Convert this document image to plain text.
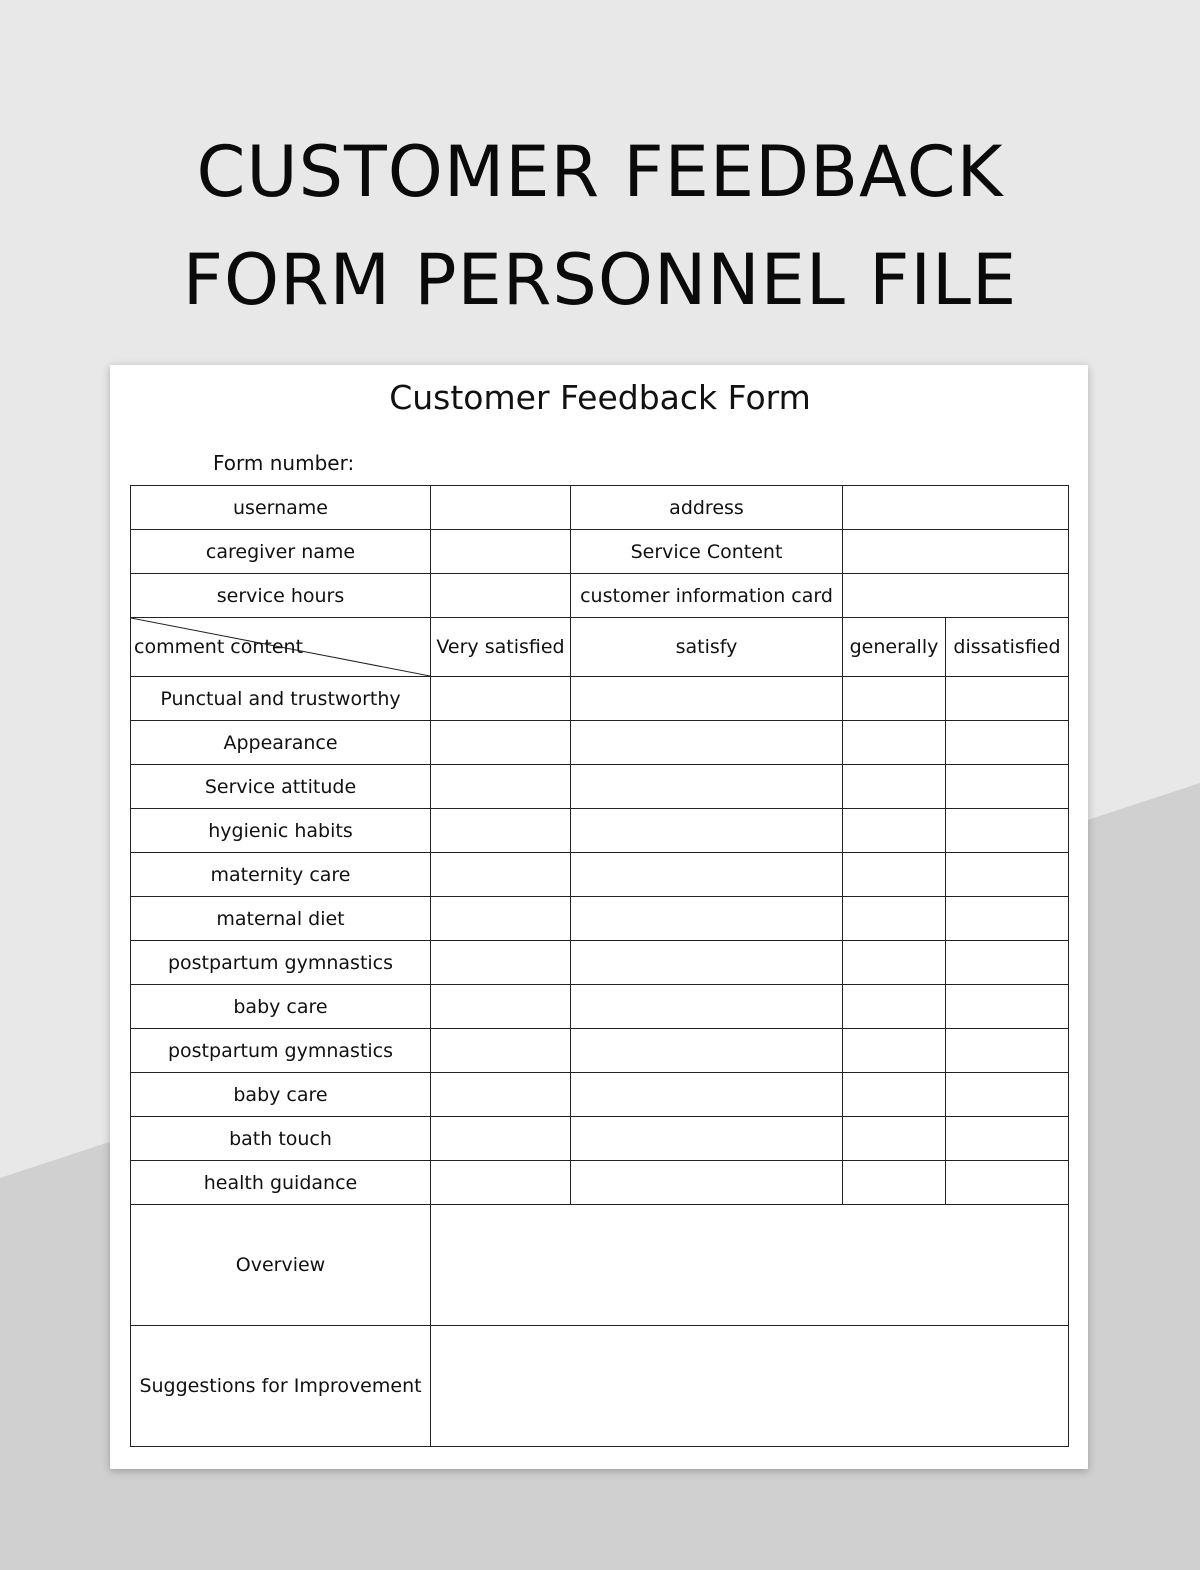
CUSTOMER FEEDBACK
FORM PERSONNEL FILE
Customer Feedback Form
Form number:
username		address		
caregiver name		Service Content		
service hours		customer information card		

comment content	Very satisfied	satisfy	generally	dissatisfied
Punctual and trustworthy				
Appearance				
Service attitude				
hygienic habits				
maternity care				
maternal diet				
postpartum gymnastics				
baby care				
postpartum gymnastics				
baby care				
bath touch				
health guidance				
Overview				
Suggestions for Improvement				
